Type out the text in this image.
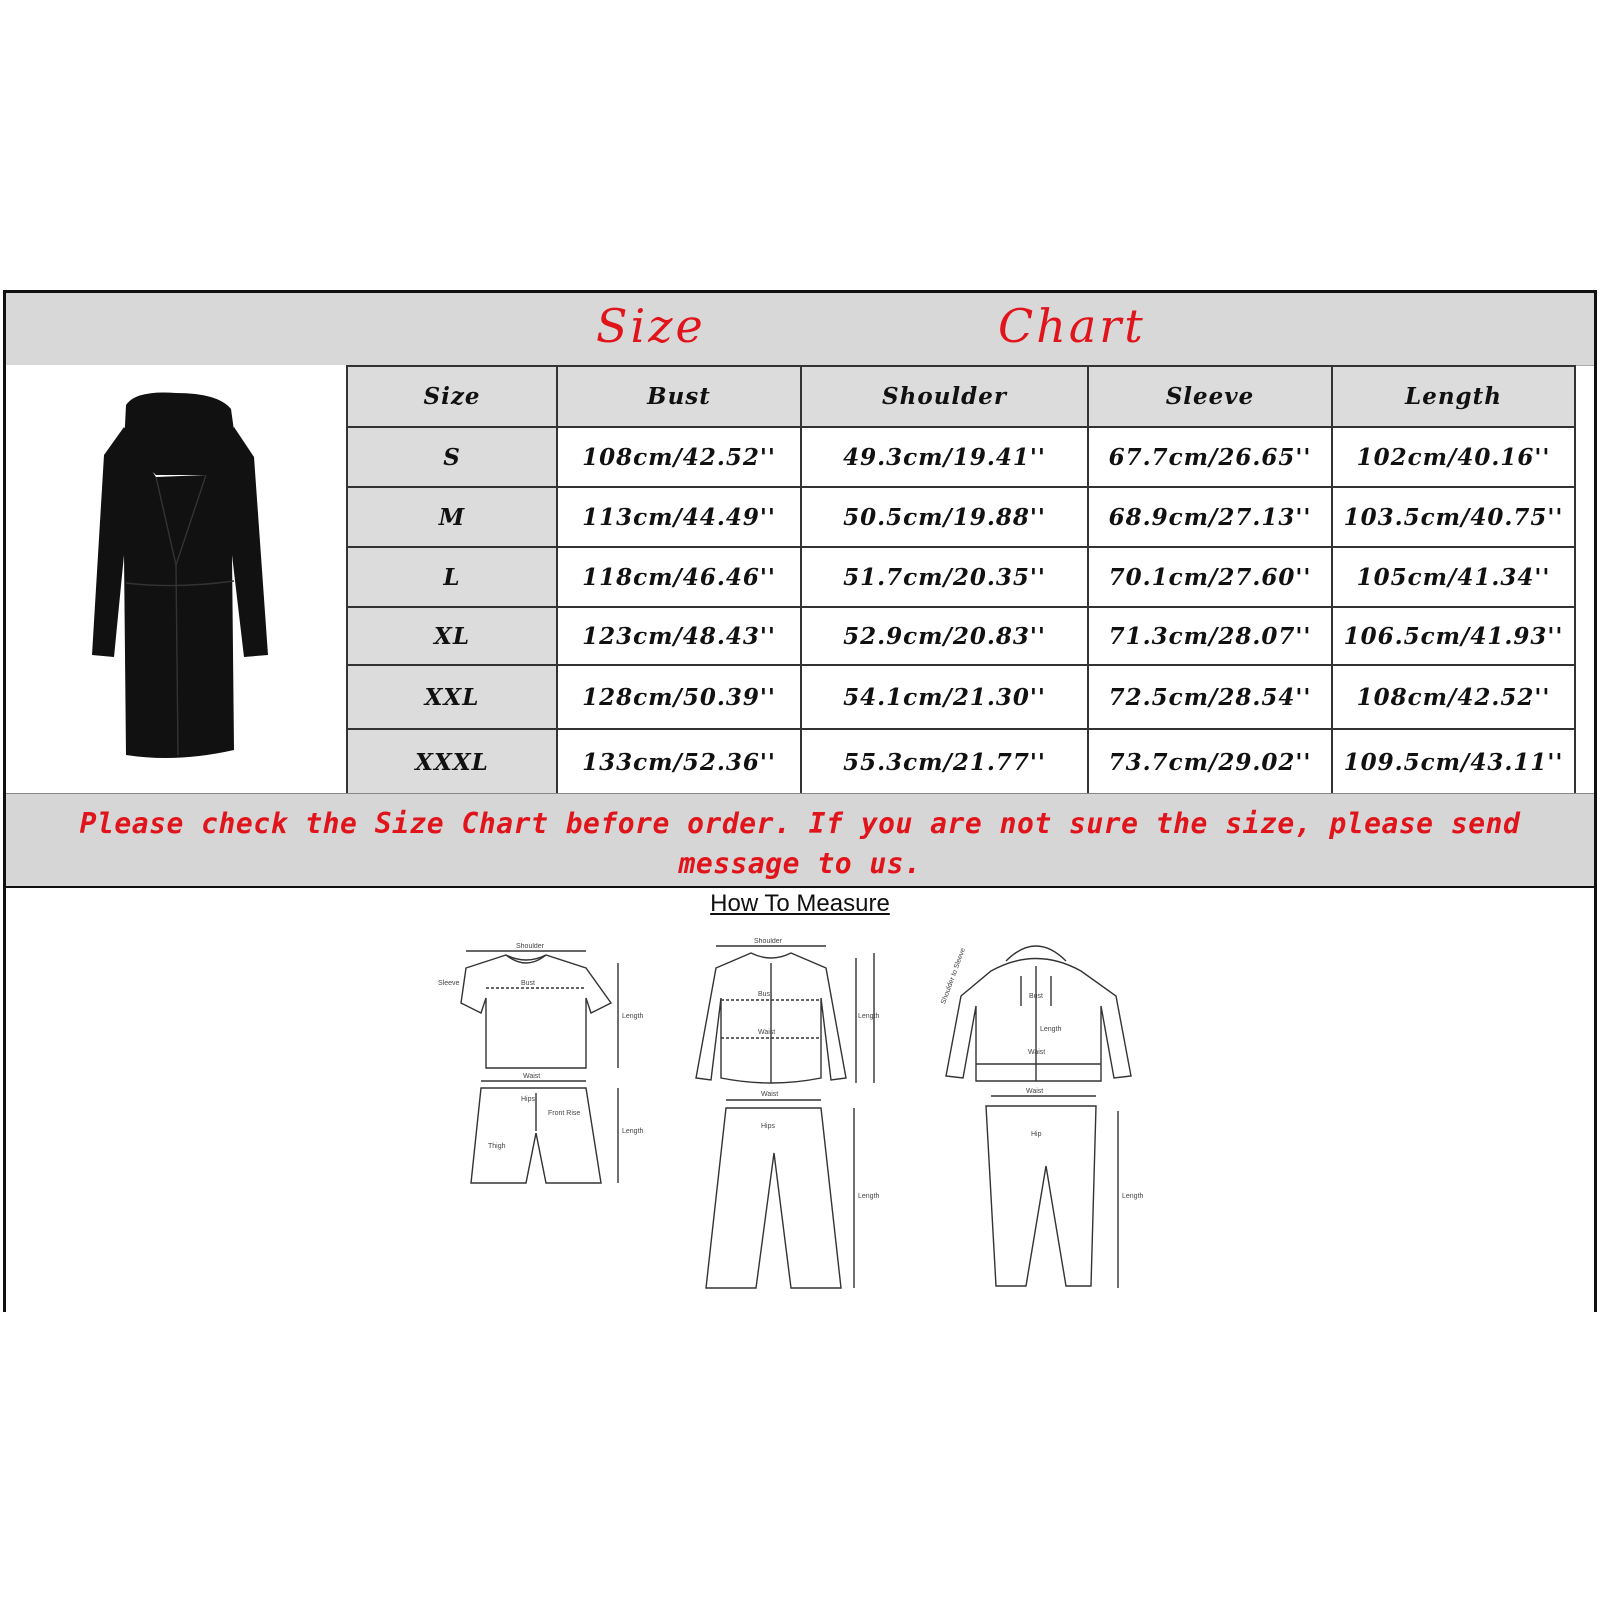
Size	Chart
Size	Bust	Shoulder	Sleeve	Length
S	108cm/42.52''	49.3cm/19.41''	67.7cm/26.65''	102cm/40.16''
M	113cm/44.49''	50.5cm/19.88''	68.9cm/27.13''	103.5cm/40.75''
L	118cm/46.46''	51.7cm/20.35''	70.1cm/27.60''	105cm/41.34''
XL	123cm/48.43''	52.9cm/20.83''	71.3cm/28.07''	106.5cm/41.93''
XXL	128cm/50.39''	54.1cm/21.30''	72.5cm/28.54''	108cm/42.52''
XXXL	133cm/52.36''	55.3cm/21.77''	73.7cm/29.02''	109.5cm/43.11''
Please check the Size Chart before order. If you are not sure the size, please send message to us.
How To Measure
Shoulder
Bust
Length
Sleeve
Waist
Hips
Front Rise
Thigh
Length
Shoulder
Bust
Waist
Length
Waist
Hips
Length
Bust
Length
Waist
Shoulder to Sleeve
Waist
Hip
Length
